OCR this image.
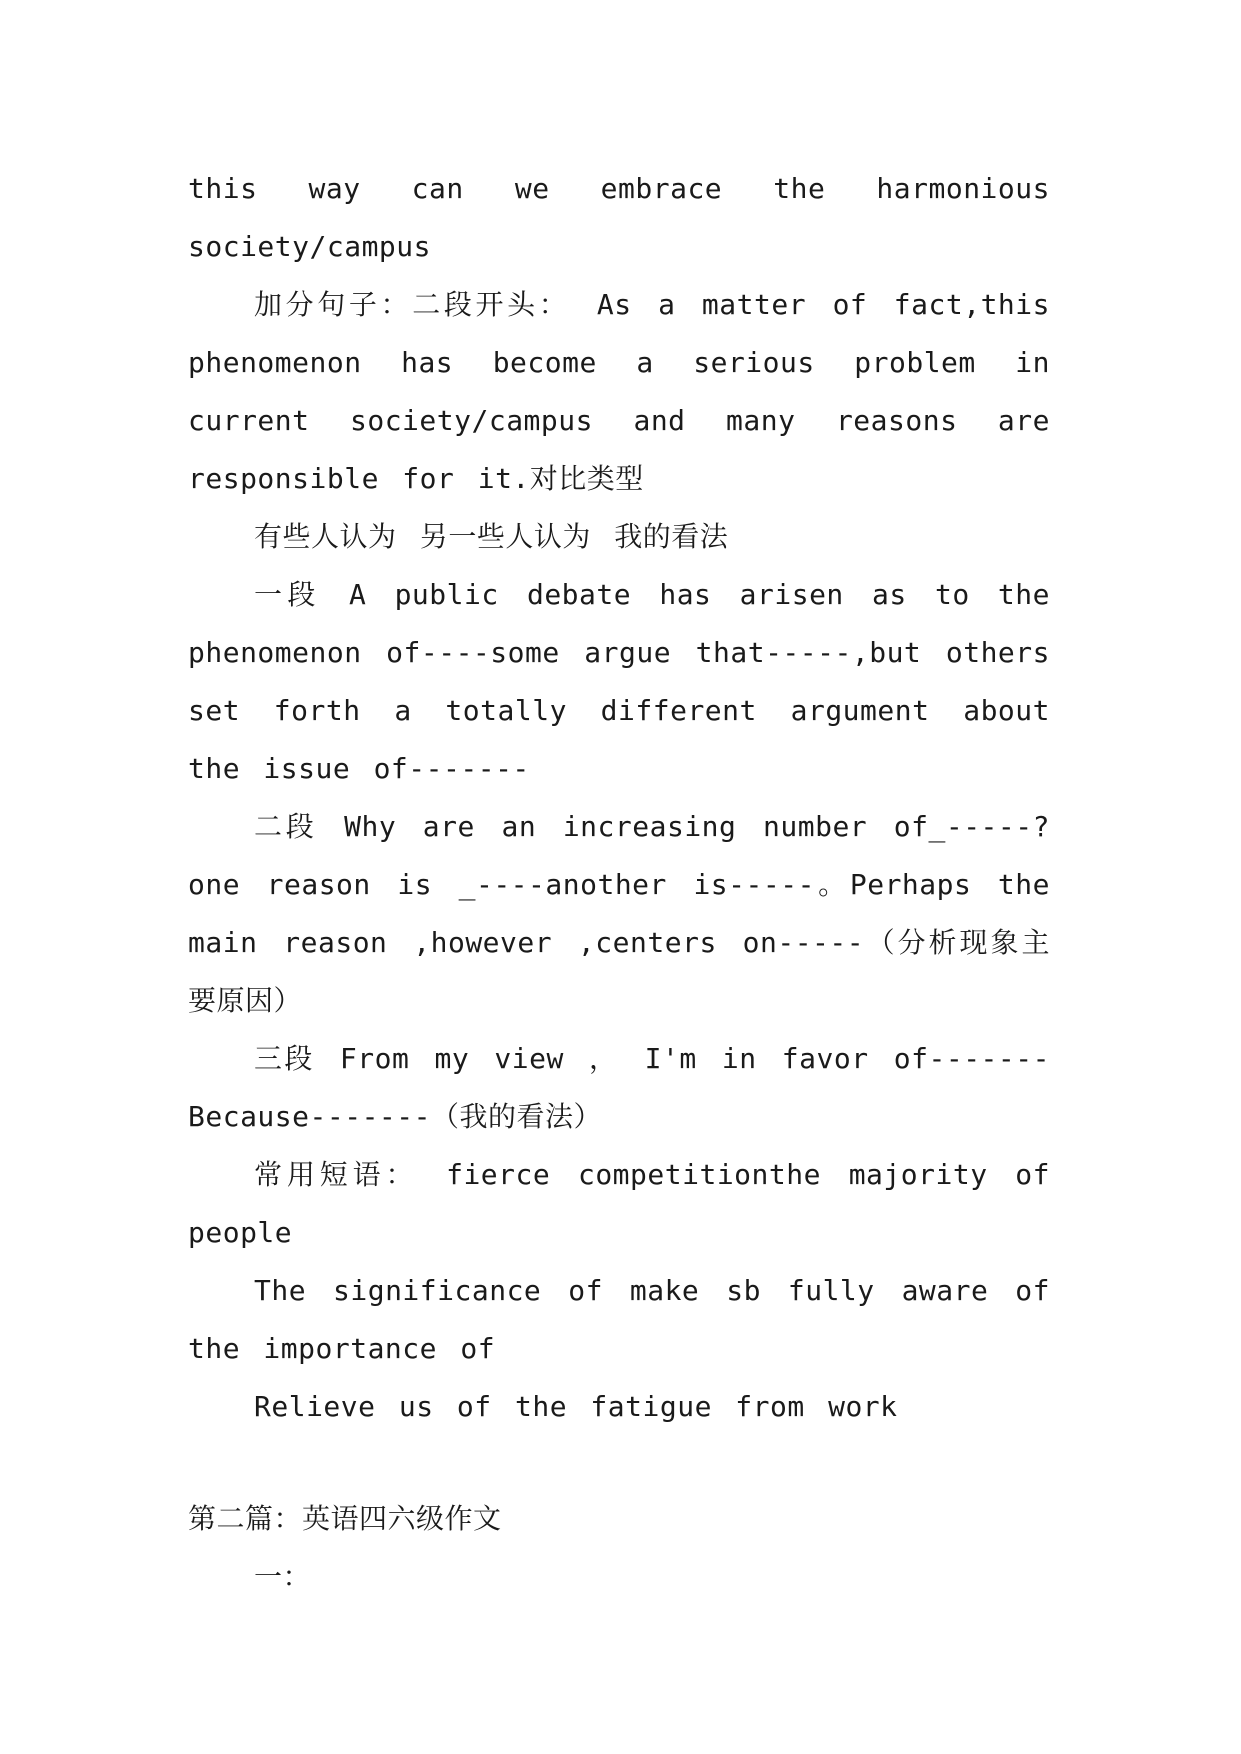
this way can we embrace the harmonious society/campus

加分句子：二段开头： As a matter of fact,this phenomenon has become a serious problem in current society/campus and many reasons are responsible for it.对比类型

有些人认为 另一些人认为 我的看法

一段 A public debate has arisen as to the phenomenon of----some argue that-----,but others set forth a totally different argument about the issue of-------

二段 Why are an increasing number of_-----?one reason is _----another is-----。Perhaps the main reason ,however ,centers on-----（分析现象主要原因）

三段 From my view ， I'm in favor of-------Because-------（我的看法）

常用短语： fierce competitionthe majority of people

The significance of make sb fully aware of the importance of

Relieve us of the fatigue from work

第二篇：英语四六级作文

一：
